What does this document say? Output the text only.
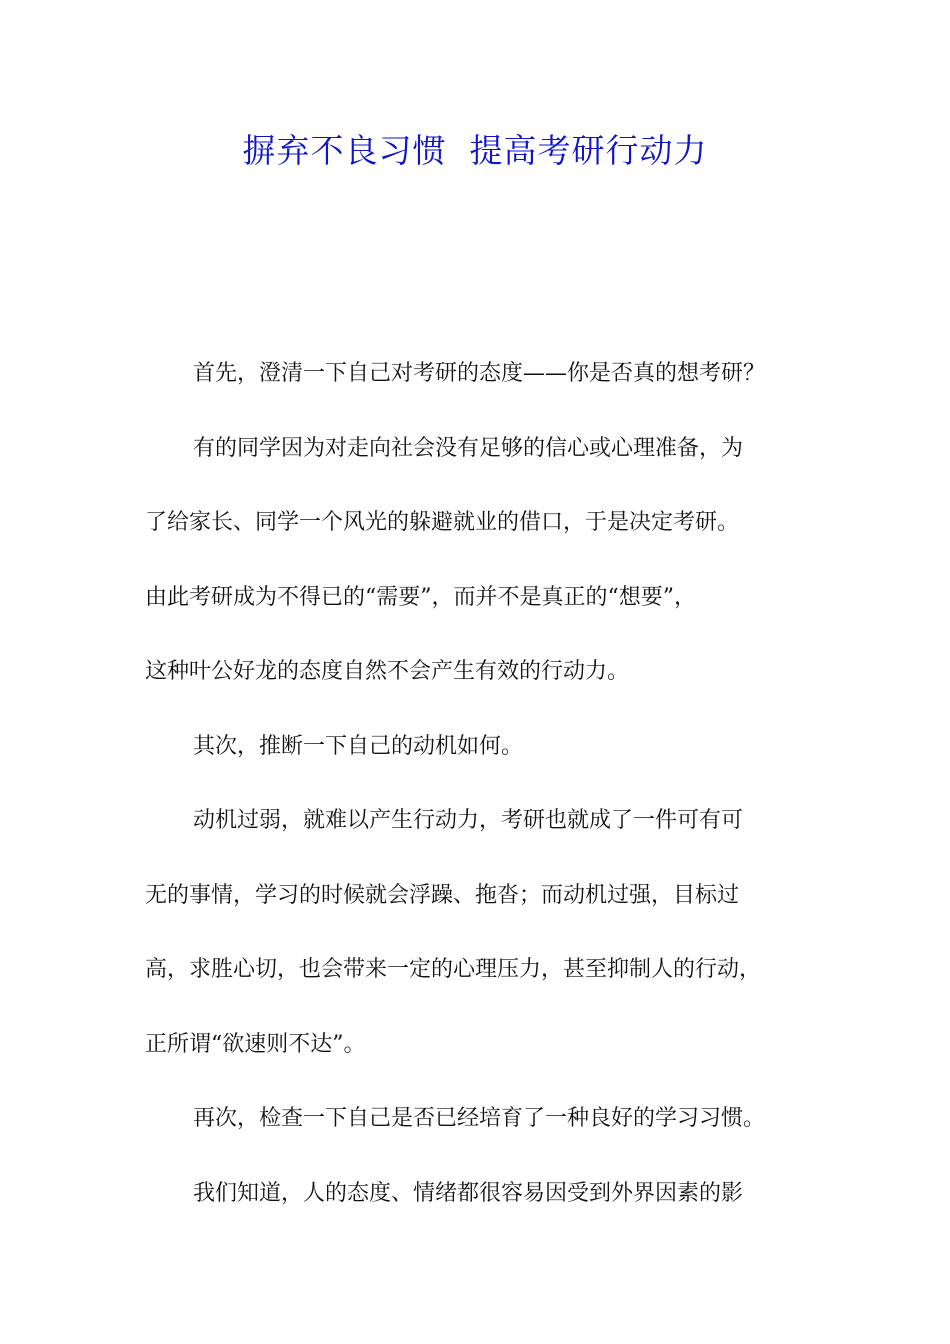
摒弃不良习惯  提高考研行动力
首先，澄清一下自己对考研的态度——你是否真的想考研？
有的同学因为对走向社会没有足够的信心或心理准备，为
了给家长、同学一个风光的躲避就业的借口，于是决定考研。
由此考研成为不得已的“需要”，而并不是真正的“想要”，
这种叶公好龙的态度自然不会产生有效的行动力。
其次，推断一下自己的动机如何。
动机过弱，就难以产生行动力，考研也就成了一件可有可
无的事情，学习的时候就会浮躁、拖沓；而动机过强，目标过
高，求胜心切，也会带来一定的心理压力，甚至抑制人的行动，
正所谓“欲速则不达”。
再次，检查一下自己是否已经培育了一种良好的学习习惯。
我们知道，人的态度、情绪都很容易因受到外界因素的影
